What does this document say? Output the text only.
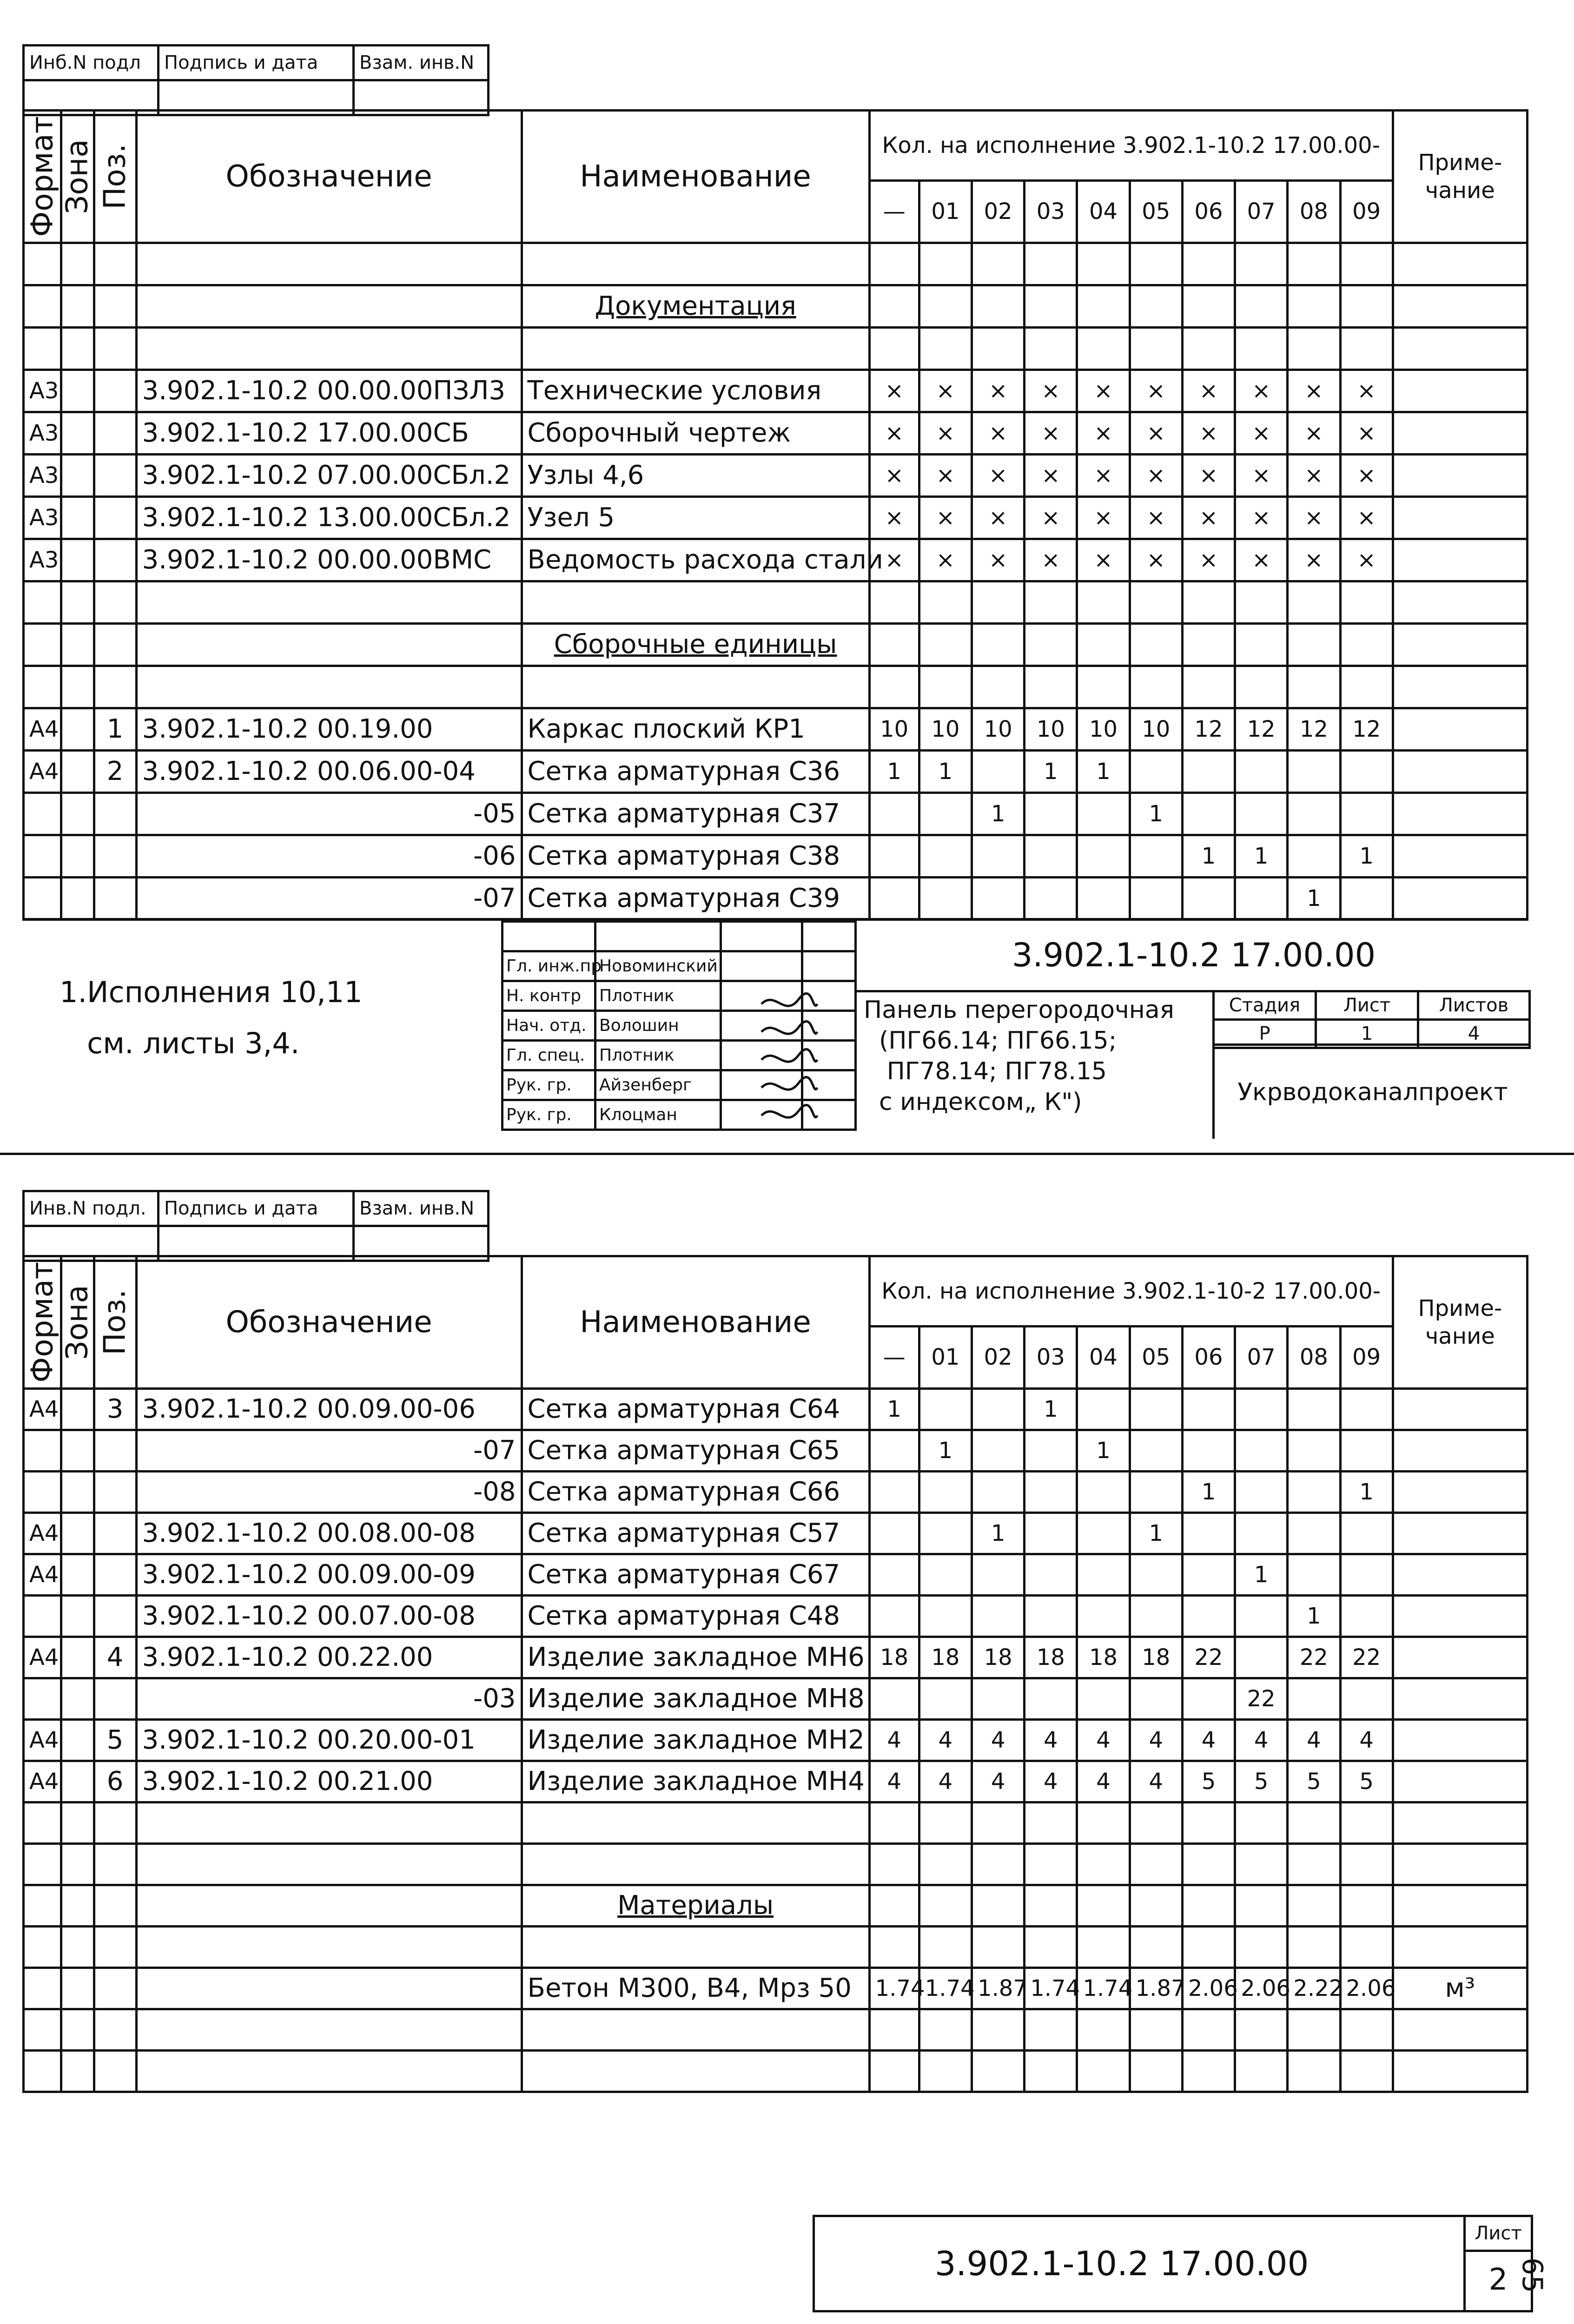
Инб.N подл	Подпись и дата	Взам. инв.N

Формат	Зона	Поз.	Обозначение	Наименование	Кол. на исполнение 3.902.1-10.2 17.00.00-										Приме- чание
					—	01	02	03	04	05	06	07	08	09	

				Документация											

А3			3.902.1-10.2 00.00.00ПЗЛ3	Технические условия	×	×	×	×	×	×	×	×	×	×	
А3			3.902.1-10.2 17.00.00СБ	Сборочный чертеж	×	×	×	×	×	×	×	×	×	×	
А3			3.902.1-10.2 07.00.00СБл.2	Узлы 4,6	×	×	×	×	×	×	×	×	×	×	
А3			3.902.1-10.2 13.00.00СБл.2	Узел 5	×	×	×	×	×	×	×	×	×	×	
А3			3.902.1-10.2 00.00.00ВМС	Ведомость расхода стали	×	×	×	×	×	×	×	×	×	×	

				Сборочные единицы											

А4		1	3.902.1-10.2 00.19.00	Каркас плоский КР1	10	10	10	10	10	10	12	12	12	12	
А4		2	3.902.1-10.2 00.06.00-04	Сетка арматурная С36	1	1		1	1						
			-05	Сетка арматурная С37			1			1					
			-06	Сетка арматурная С38							1	1		1	
			-07	Сетка арматурная С39									1		
1.Исполнения 10,11
см. листы 3,4.

Гл. инж.пр	Новоминский		
Н. контр	Плотник		
Нач. отд.	Волошин		
Гл. спец.	Плотник		
Рук. гр.	Айзенберг		
Рук. гр.	Клоцман		
3.902.1-10.2 17.00.00
Панель перегородочная
(ПГ66.14; ПГ66.15;
ПГ78.14; ПГ78.15
с индексом„ К")
Стадия	Лист	Листов
Р	1	4
Укрводоканалпроект
Инв.N подл.	Подпись и дата	Взам. инв.N

Формат	Зона	Поз.	Обозначение	Наименование	Кол. на исполнение 3.902.1-10-2 17.00.00-										Приме- чание
					—	01	02	03	04	05	06	07	08	09	
А4		3	3.902.1-10.2 00.09.00-06	Сетка арматурная С64	1			1							
			-07	Сетка арматурная С65		1			1						
			-08	Сетка арматурная С66							1			1	
А4			3.902.1-10.2 00.08.00-08	Сетка арматурная С57			1			1					
А4			3.902.1-10.2 00.09.00-09	Сетка арматурная С67								1			
			3.902.1-10.2 00.07.00-08	Сетка арматурная С48									1		
А4		4	3.902.1-10.2 00.22.00	Изделие закладное МН6	18	18	18	18	18	18	22		22	22	
			-03	Изделие закладное МН8								22			
А4		5	3.902.1-10.2 00.20.00-01	Изделие закладное МН2	4	4	4	4	4	4	4	4	4	4	
А4		6	3.902.1-10.2 00.21.00	Изделие закладное МН4	4	4	4	4	4	4	5	5	5	5	

				Материалы											

				Бетон М300, В4, Мрз 50	1.74	1.74	1.87	1.74	1.74	1.87	2.06	2.06	2.22	2.06	м³

3.902.1-10.2 17.00.00
Лист
2 65
